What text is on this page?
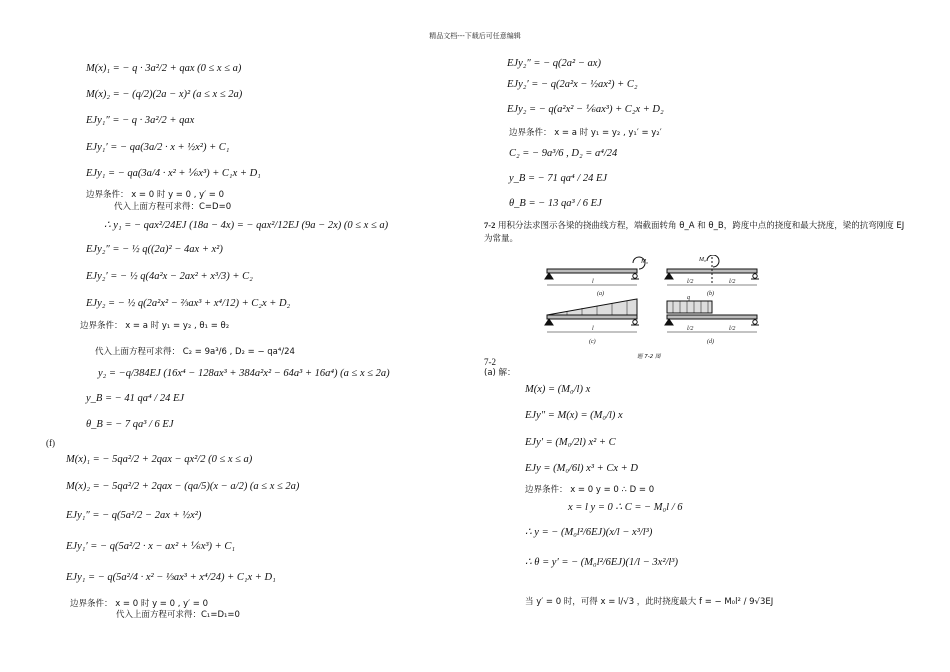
精品文档---下载后可任意编辑
M(x)₁ = − q · 3a²/2 + qax (0 ≤ x ≤ a)
M(x)₂ = − (q/2)(2a − x)² (a ≤ x ≤ 2a)
EJy₁″ = − q · 3a²/2 + qax
EJy₁′ = − qa(3a/2 · x + ½x²) + C₁
EJy₁ = − qa(3a/4 · x² + ⅙x³) + C₁x + D₁
边界条件： x = 0 时 y = 0 , y′ = 0
代入上面方程可求得：C=D=0
∴ y₁ = − qax²/24EJ (18a − 4x) = − qax²/12EJ (9a − 2x) (0 ≤ x ≤ a)
EJy₂″ = − ½ q((2a)² − 4ax + x²)
EJy₂′ = − ½ q(4a²x − 2ax² + x³/3) + C₂
EJy₂ = − ½ q(2a²x² − ⅔ax³ + x⁴/12) + C₂x + D₂
边界条件： x = a 时 y₁ = y₂ , θ₁ = θ₂
代入上面方程可求得： C₂ = 9a³/6 , D₂ = − qa⁴/24
y₂ = −q/384EJ (16x⁴ − 128ax³ + 384a²x² − 64a³ + 16a⁴) (a ≤ x ≤ 2a)
y_B = − 41 qa⁴ / 24 EJ
θ_B = − 7 qa³ / 6 EJ
(f)
M(x)₁ = − 5qa²/2 + 2qax − qx²/2 (0 ≤ x ≤ a)
M(x)₂ = − 5qa²/2 + 2qax − (qa/5)(x − a/2) (a ≤ x ≤ 2a)
EJy₁″ = − q(5a²/2 − 2ax + ½x²)
EJy₁′ = − q(5a²/2 · x − ax² + ⅙x³) + C₁
EJy₁ = − q(5a²/4 · x² − ⅓ax³ + x⁴/24) + C₁x + D₁
边界条件： x = 0 时 y = 0 , y′ = 0
代入上面方程可求得：C₁=D₁=0
EJy₂″ = − q(2a² − ax)
EJy₂′ = − q(2a²x − ½ax²) + C₂
EJy₂ = − q(a²x² − ⅙ax³) + C₂x + D₂
边界条件： x = a 时 y₁ = y₂ , y₁′ = y₂′
C₂ = − 9a³/6 , D₂ = a⁴/24
y_B = − 71 qa⁴ / 24 EJ
θ_B = − 13 qa³ / 6 EJ
7-2 用积分法求图示各梁的挠曲线方程，端截面转角 θ_A 和 θ_B，跨度中点的挠度和最大挠度，梁的抗弯刚度 EJ 为常量。
l	l/2	l/2
l	l/2	l/2
M₀	M₀
q
(a)	(b)
(c)	(d)
题 7-2 图
7-2
(a) 解：
M(x) = (M₀/l) x
EJy″ = M(x) = (M₀/l) x
EJy′ = (M₀/2l) x² + C
EJy = (M₀/6l) x³ + Cx + D
边界条件： x = 0 y = 0 ∴ D = 0
x = l y = 0 ∴ C = − M₀l / 6
∴ y = − (M₀l²/6EJ)(x/l − x³/l³)
∴ θ = y′ = − (M₀l²/6EJ)(1/l − 3x²/l³)
当 y′ = 0 时，可得 x = l/√3 ，此时挠度最大 f = − M₀l² / 9√3EJ
